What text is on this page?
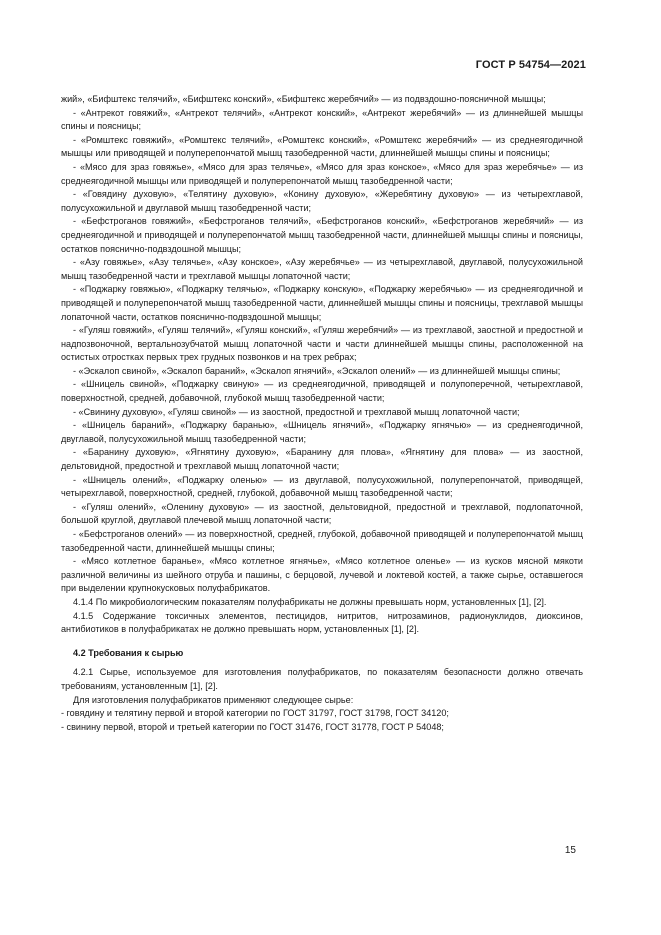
ГОСТ Р 54754—2021

жий», «Бифштекс телячий», «Бифштекс конский», «Бифштекс жеребячий» — из подвздошно-поясничной мышцы;

- «Антрекот говяжий», «Антрекот телячий», «Антрекот конский», «Антрекот жеребячий» — из длиннейшей мышцы спины и поясницы;

- «Ромштекс говяжий», «Ромштекс телячий», «Ромштекс конский», «Ромштекс жеребячий» — из среднеягодичной мышцы или приводящей и полуперепончатой мышц тазобедренной части, длиннейшей мышцы спины и поясницы;

- «Мясо для зраз говяжье», «Мясо для зраз телячье», «Мясо для зраз конское», «Мясо для зраз жеребячье» — из среднеягодичной мышцы или приводящей и полуперепончатой мышц тазобедренной части;

- «Говядину духовую», «Телятину духовую», «Конину духовую», «Жеребятину духовую» — из четырехглавой, полусухожильной и двуглавой мышц тазобедренной части;

- «Бефстроганов говяжий», «Бефстроганов телячий», «Бефстроганов конский», «Бефстроганов жеребячий» — из среднеягодичной и приводящей и полуперепончатой мышц тазобедренной части, длиннейшей мышцы спины и поясницы, остатков пояснично-подвздошной мышцы;

- «Азу говяжье», «Азу телячье», «Азу конское», «Азу жеребячье» — из четырехглавой, двуглавой, полусухожильной мышц тазобедренной части и трехглавой мышцы лопаточной части;

- «Поджарку говяжью», «Поджарку телячью», «Поджарку конскую», «Поджарку жеребячью» — из среднеягодичной и приводящей и полуперепончатой мышц тазобедренной части, длиннейшей мышцы спины и поясницы, трехглавой мышцы лопаточной части, остатков пояснично-подвздошной мышцы;

- «Гуляш говяжий», «Гуляш телячий», «Гуляш конский», «Гуляш жеребячий» — из трехглавой, заостной и предостной и надпозвоночной, вертальнозубчатой мышц лопаточной части и части длиннейшей мышцы спины, расположенной на остистых отростках первых трех грудных позвонков и на трех ребрах;

- «Эскалоп свиной», «Эскалоп бараний», «Эскалоп ягнячий», «Эскалоп олений» — из длиннейшей мышцы спины;

- «Шницель свиной», «Поджарку свиную» — из среднеягодичной, приводящей и полупоперечной, четырехглавой, поверхностной, средней, добавочной, глубокой мышц тазобедренной части;

- «Свинину духовую», «Гуляш свиной» — из заостной, предостной и трехглавой мышц лопаточной части;

- «Шницель бараний», «Поджарку баранью», «Шницель ягнячий», «Поджарку ягнячью» — из среднеягодичной, двуглавой, полусухожильной мышц тазобедренной части;

- «Баранину духовую», «Ягнятину духовую», «Баранину для плова», «Ягнятину для плова» — из заостной, дельтовидной, предостной и трехглавой мышц лопаточной части;

- «Шницель олений», «Поджарку оленью» — из двуглавой, полусухожильной, полуперепончатой, приводящей, четырехглавой, поверхностной, средней, глубокой, добавочной мышц тазобедренной части;

- «Гуляш олений», «Оленину духовую» — из заостной, дельтовидной, предостной и трехглавой, подлопаточной, большой круглой, двуглавой плечевой мышц лопаточной части;

- «Бефстроганов олений» — из поверхностной, средней, глубокой, добавочной приводящей и полуперепончатой мышц тазобедренной части, длиннейшей мышцы спины;

- «Мясо котлетное баранье», «Мясо котлетное ягнячье», «Мясо котлетное оленье» — из кусков мясной мякоти различной величины из шейного отруба и пашины, с берцовой, лучевой и локтевой костей, а также сырье, оставшегося при выделении крупнокусковых полуфабрикатов.

4.1.4 По микробиологическим показателям полуфабрикаты не должны превышать норм, установленных [1], [2].

4.1.5 Содержание токсичных элементов, пестицидов, нитритов, нитрозаминов, радионуклидов, диоксинов, антибиотиков в полуфабрикатах не должно превышать норм, установленных [1], [2].

4.2 Требования к сырью

4.2.1 Сырье, используемое для изготовления полуфабрикатов, по показателям безопасности должно отвечать требованиям, установленным [1], [2].

Для изготовления полуфабрикатов применяют следующее сырье:

- говядину и телятину первой и второй категории по ГОСТ 31797, ГОСТ 31798, ГОСТ 34120;

- свинину первой, второй и третьей категории по ГОСТ 31476, ГОСТ 31778, ГОСТ Р 54048;

15
